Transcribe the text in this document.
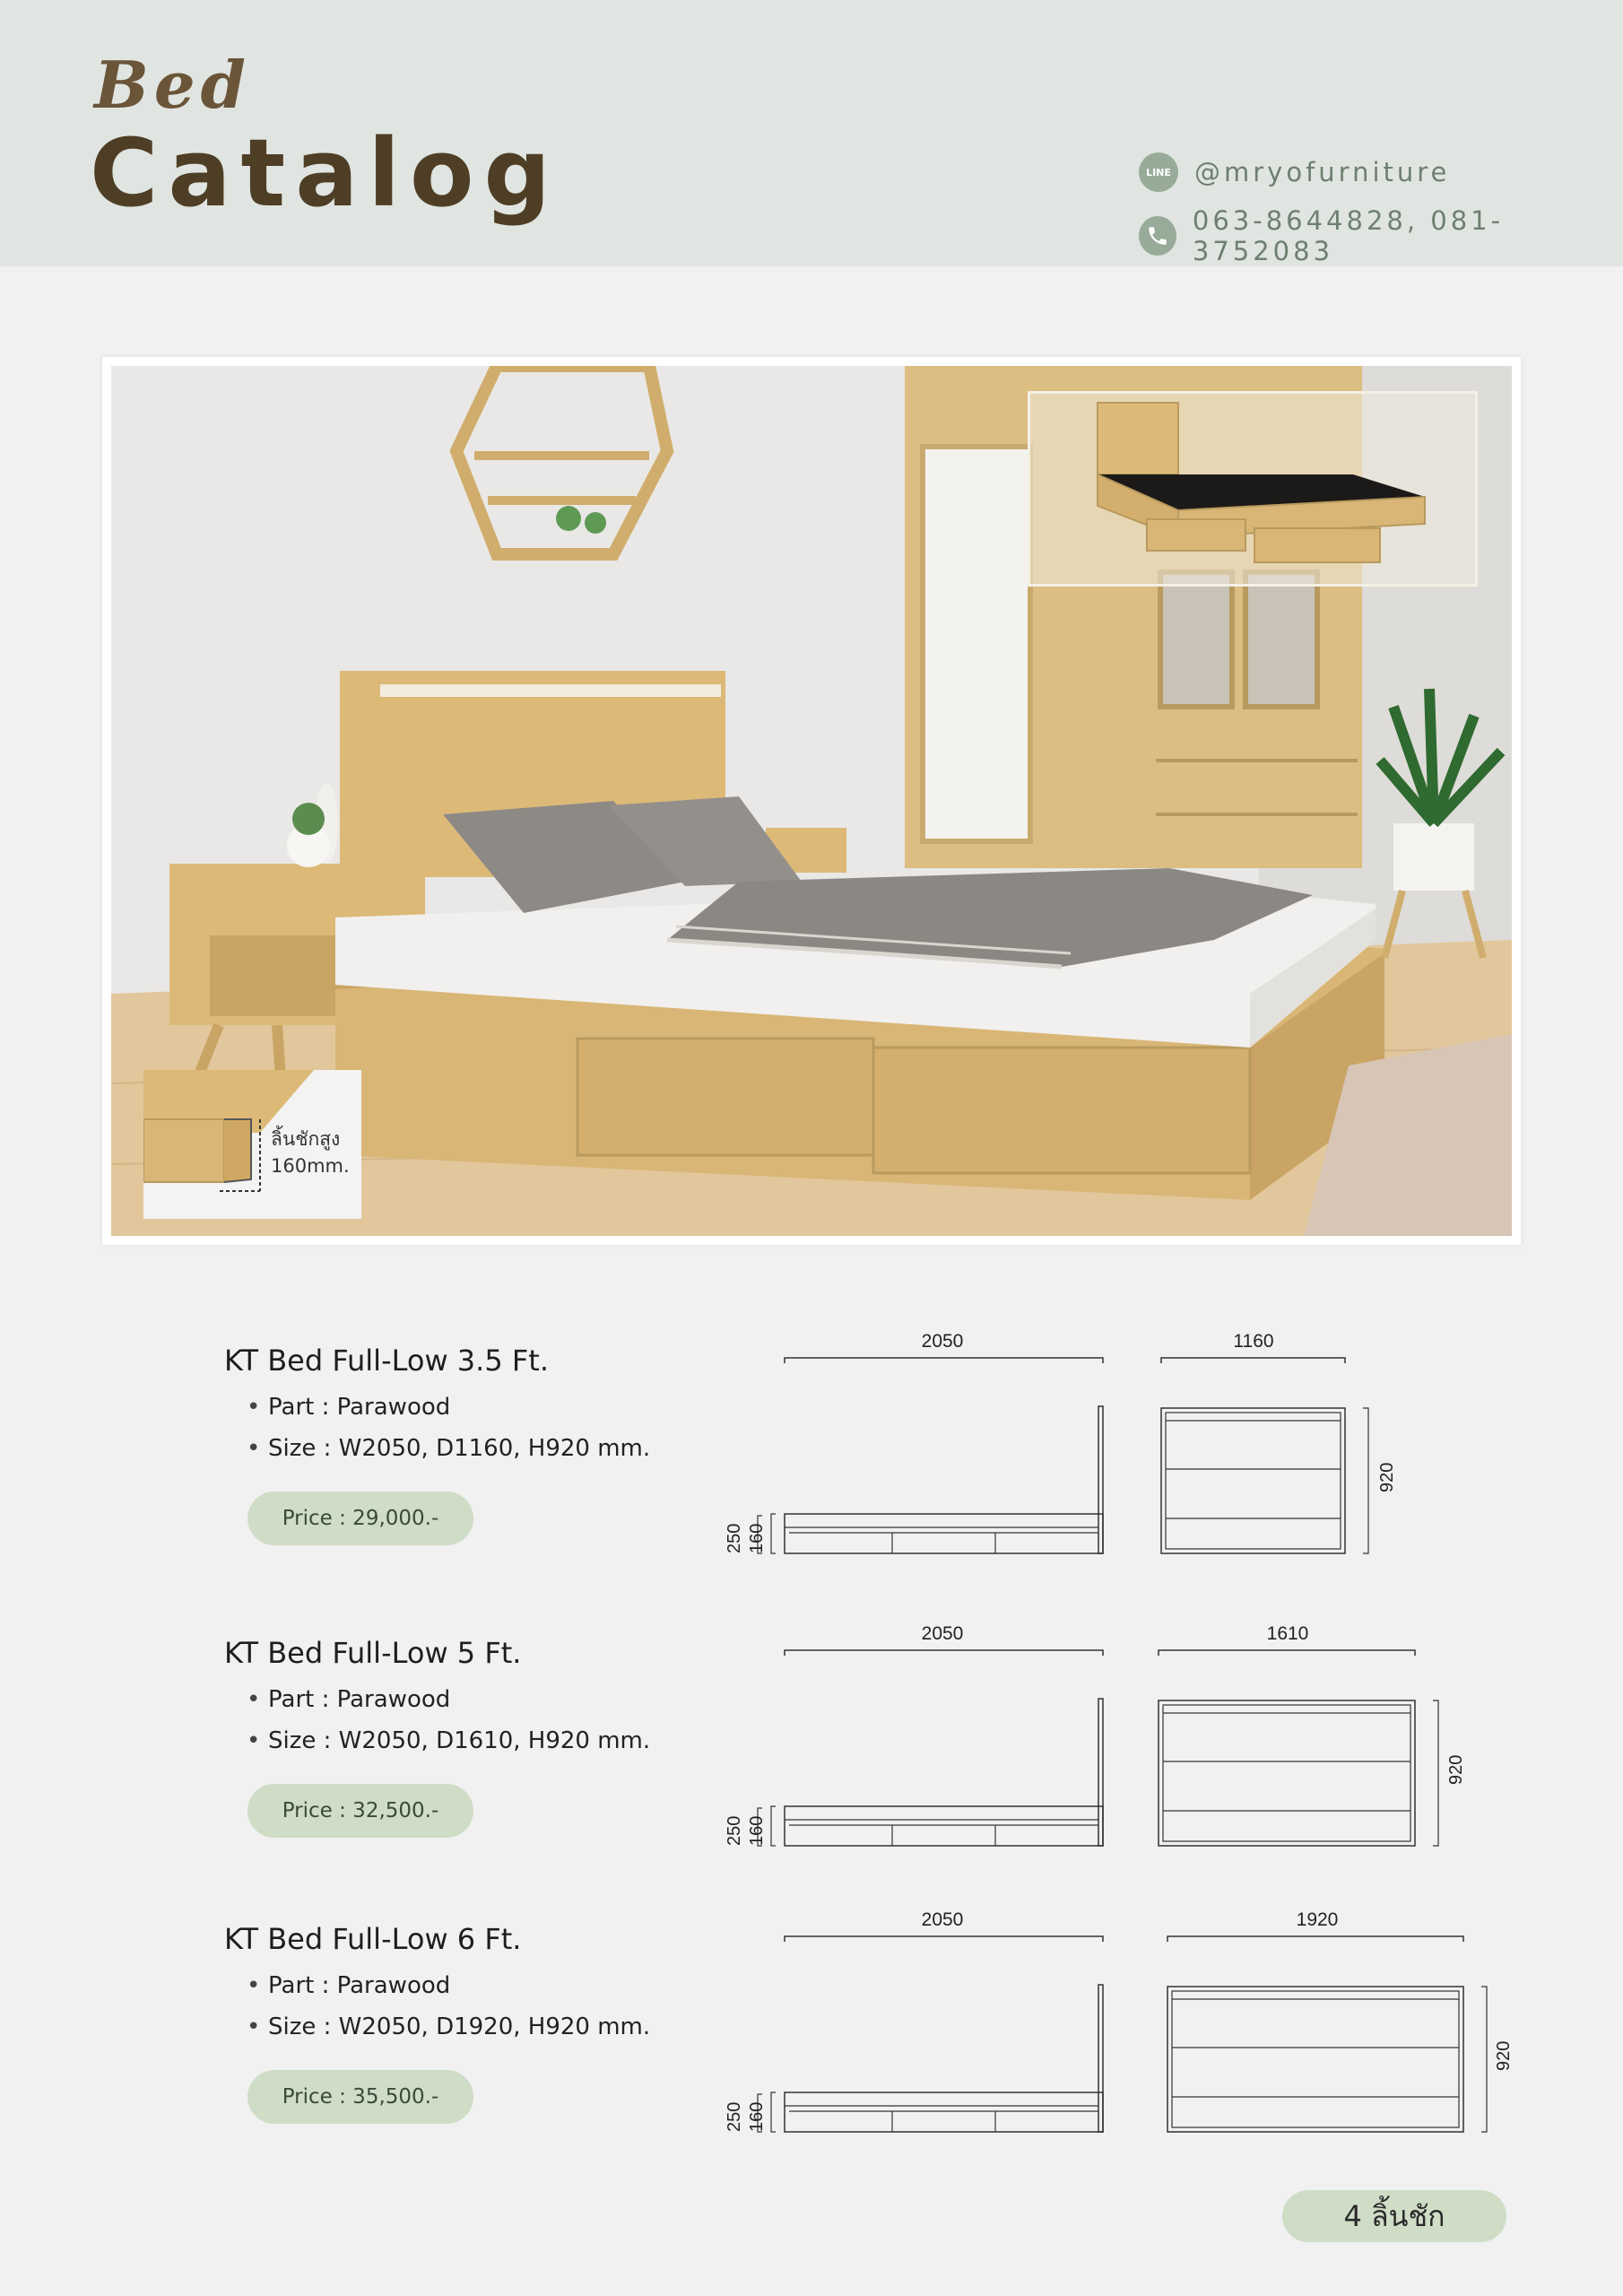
Bed
Catalog	LINE @mryofurniture
063-8644828, 081-3752083
ลิ้นชักสูง
160mm.
KT Bed Full-Low 3.5 Ft.
• Part : Parawood
• Size : W2050, D1160, H920 mm.
Price : 29,000.-
2050
160
250
1160
920
KT Bed Full-Low 5 Ft.
• Part : Parawood
• Size : W2050, D1610, H920 mm.
Price : 32,500.-
2050
160
250
1610
920
KT Bed Full-Low 6 Ft.
• Part : Parawood
• Size : W2050, D1920, H920 mm.
Price : 35,500.-
2050
160
250
1920
920
4 ลิ้นชัก
